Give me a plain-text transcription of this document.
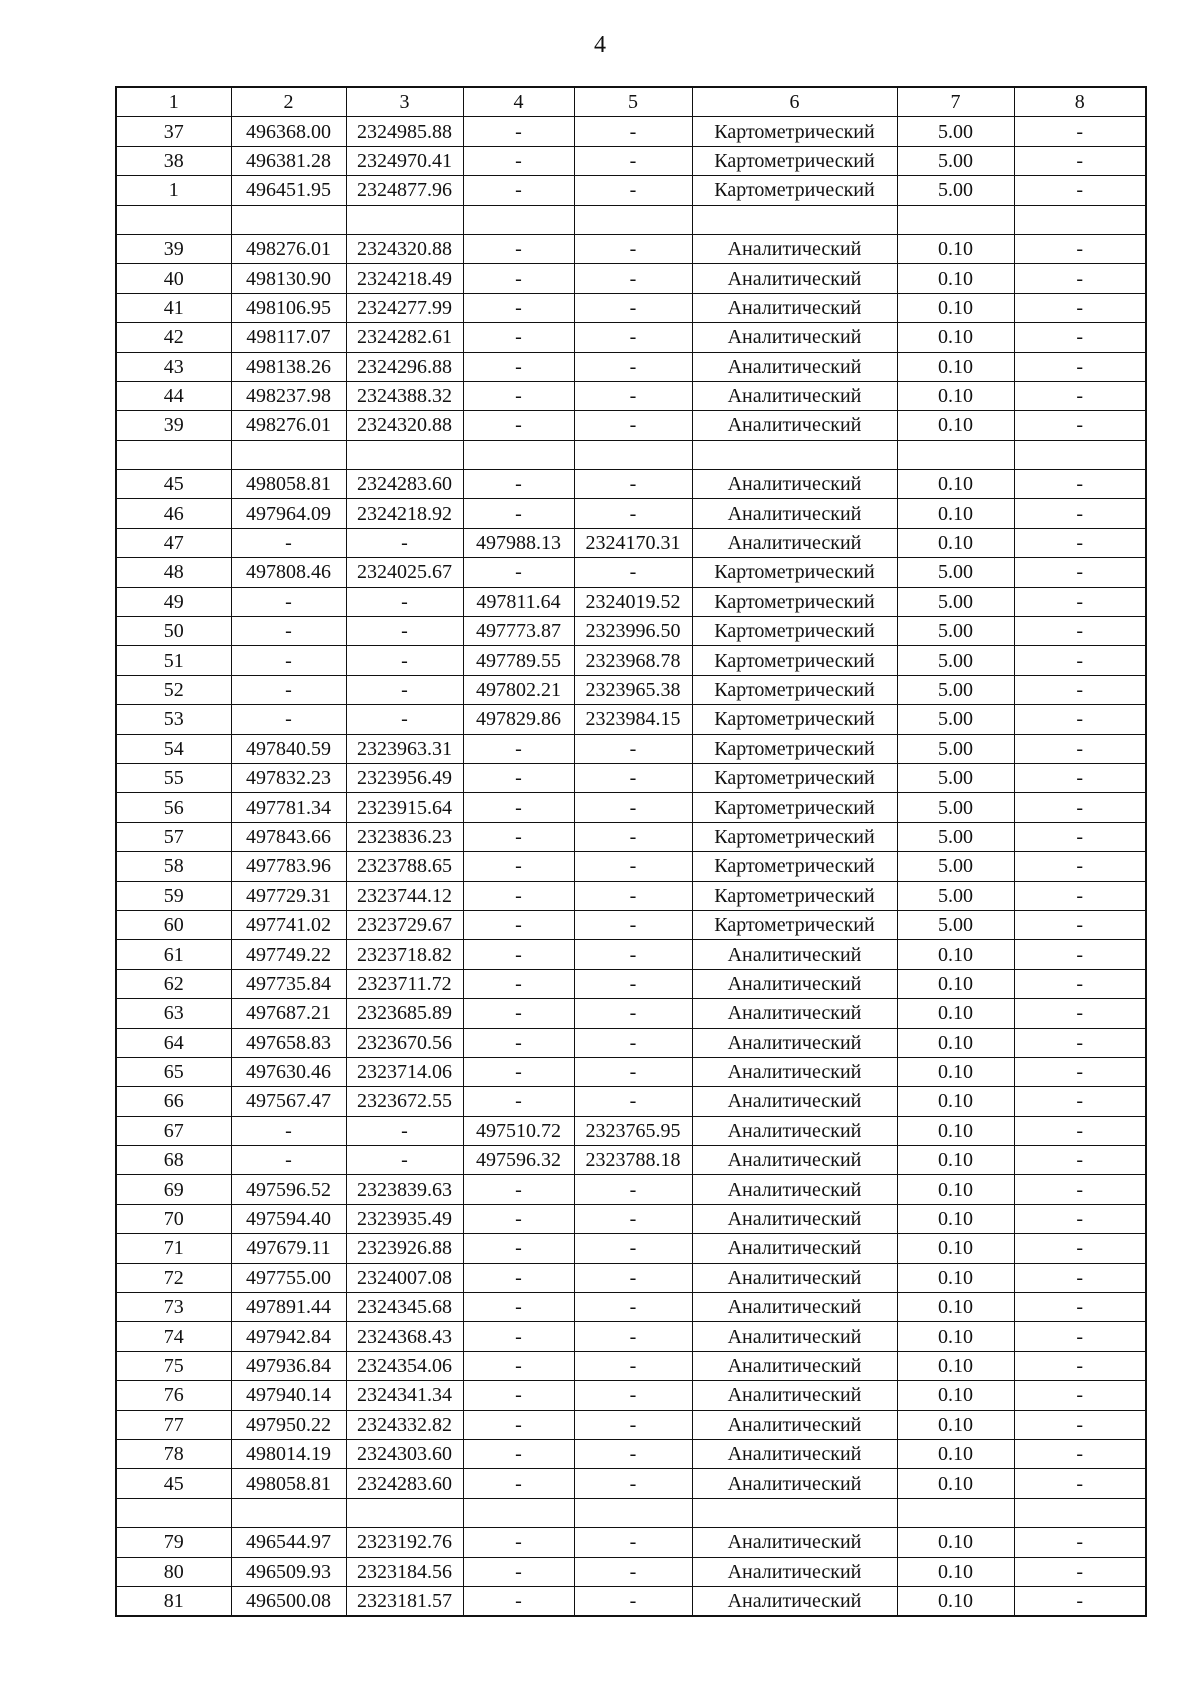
4
1	2	3	4	5	6	7	8
37	496368.00	2324985.88	-	-	Картометрический	5.00	-
38	496381.28	2324970.41	-	-	Картометрический	5.00	-
1	496451.95	2324877.96	-	-	Картометрический	5.00	-

39	498276.01	2324320.88	-	-	Аналитический	0.10	-
40	498130.90	2324218.49	-	-	Аналитический	0.10	-
41	498106.95	2324277.99	-	-	Аналитический	0.10	-
42	498117.07	2324282.61	-	-	Аналитический	0.10	-
43	498138.26	2324296.88	-	-	Аналитический	0.10	-
44	498237.98	2324388.32	-	-	Аналитический	0.10	-
39	498276.01	2324320.88	-	-	Аналитический	0.10	-

45	498058.81	2324283.60	-	-	Аналитический	0.10	-
46	497964.09	2324218.92	-	-	Аналитический	0.10	-
47	-	-	497988.13	2324170.31	Аналитический	0.10	-
48	497808.46	2324025.67	-	-	Картометрический	5.00	-
49	-	-	497811.64	2324019.52	Картометрический	5.00	-
50	-	-	497773.87	2323996.50	Картометрический	5.00	-
51	-	-	497789.55	2323968.78	Картометрический	5.00	-
52	-	-	497802.21	2323965.38	Картометрический	5.00	-
53	-	-	497829.86	2323984.15	Картометрический	5.00	-
54	497840.59	2323963.31	-	-	Картометрический	5.00	-
55	497832.23	2323956.49	-	-	Картометрический	5.00	-
56	497781.34	2323915.64	-	-	Картометрический	5.00	-
57	497843.66	2323836.23	-	-	Картометрический	5.00	-
58	497783.96	2323788.65	-	-	Картометрический	5.00	-
59	497729.31	2323744.12	-	-	Картометрический	5.00	-
60	497741.02	2323729.67	-	-	Картометрический	5.00	-
61	497749.22	2323718.82	-	-	Аналитический	0.10	-
62	497735.84	2323711.72	-	-	Аналитический	0.10	-
63	497687.21	2323685.89	-	-	Аналитический	0.10	-
64	497658.83	2323670.56	-	-	Аналитический	0.10	-
65	497630.46	2323714.06	-	-	Аналитический	0.10	-
66	497567.47	2323672.55	-	-	Аналитический	0.10	-
67	-	-	497510.72	2323765.95	Аналитический	0.10	-
68	-	-	497596.32	2323788.18	Аналитический	0.10	-
69	497596.52	2323839.63	-	-	Аналитический	0.10	-
70	497594.40	2323935.49	-	-	Аналитический	0.10	-
71	497679.11	2323926.88	-	-	Аналитический	0.10	-
72	497755.00	2324007.08	-	-	Аналитический	0.10	-
73	497891.44	2324345.68	-	-	Аналитический	0.10	-
74	497942.84	2324368.43	-	-	Аналитический	0.10	-
75	497936.84	2324354.06	-	-	Аналитический	0.10	-
76	497940.14	2324341.34	-	-	Аналитический	0.10	-
77	497950.22	2324332.82	-	-	Аналитический	0.10	-
78	498014.19	2324303.60	-	-	Аналитический	0.10	-
45	498058.81	2324283.60	-	-	Аналитический	0.10	-

79	496544.97	2323192.76	-	-	Аналитический	0.10	-
80	496509.93	2323184.56	-	-	Аналитический	0.10	-
81	496500.08	2323181.57	-	-	Аналитический	0.10	-
